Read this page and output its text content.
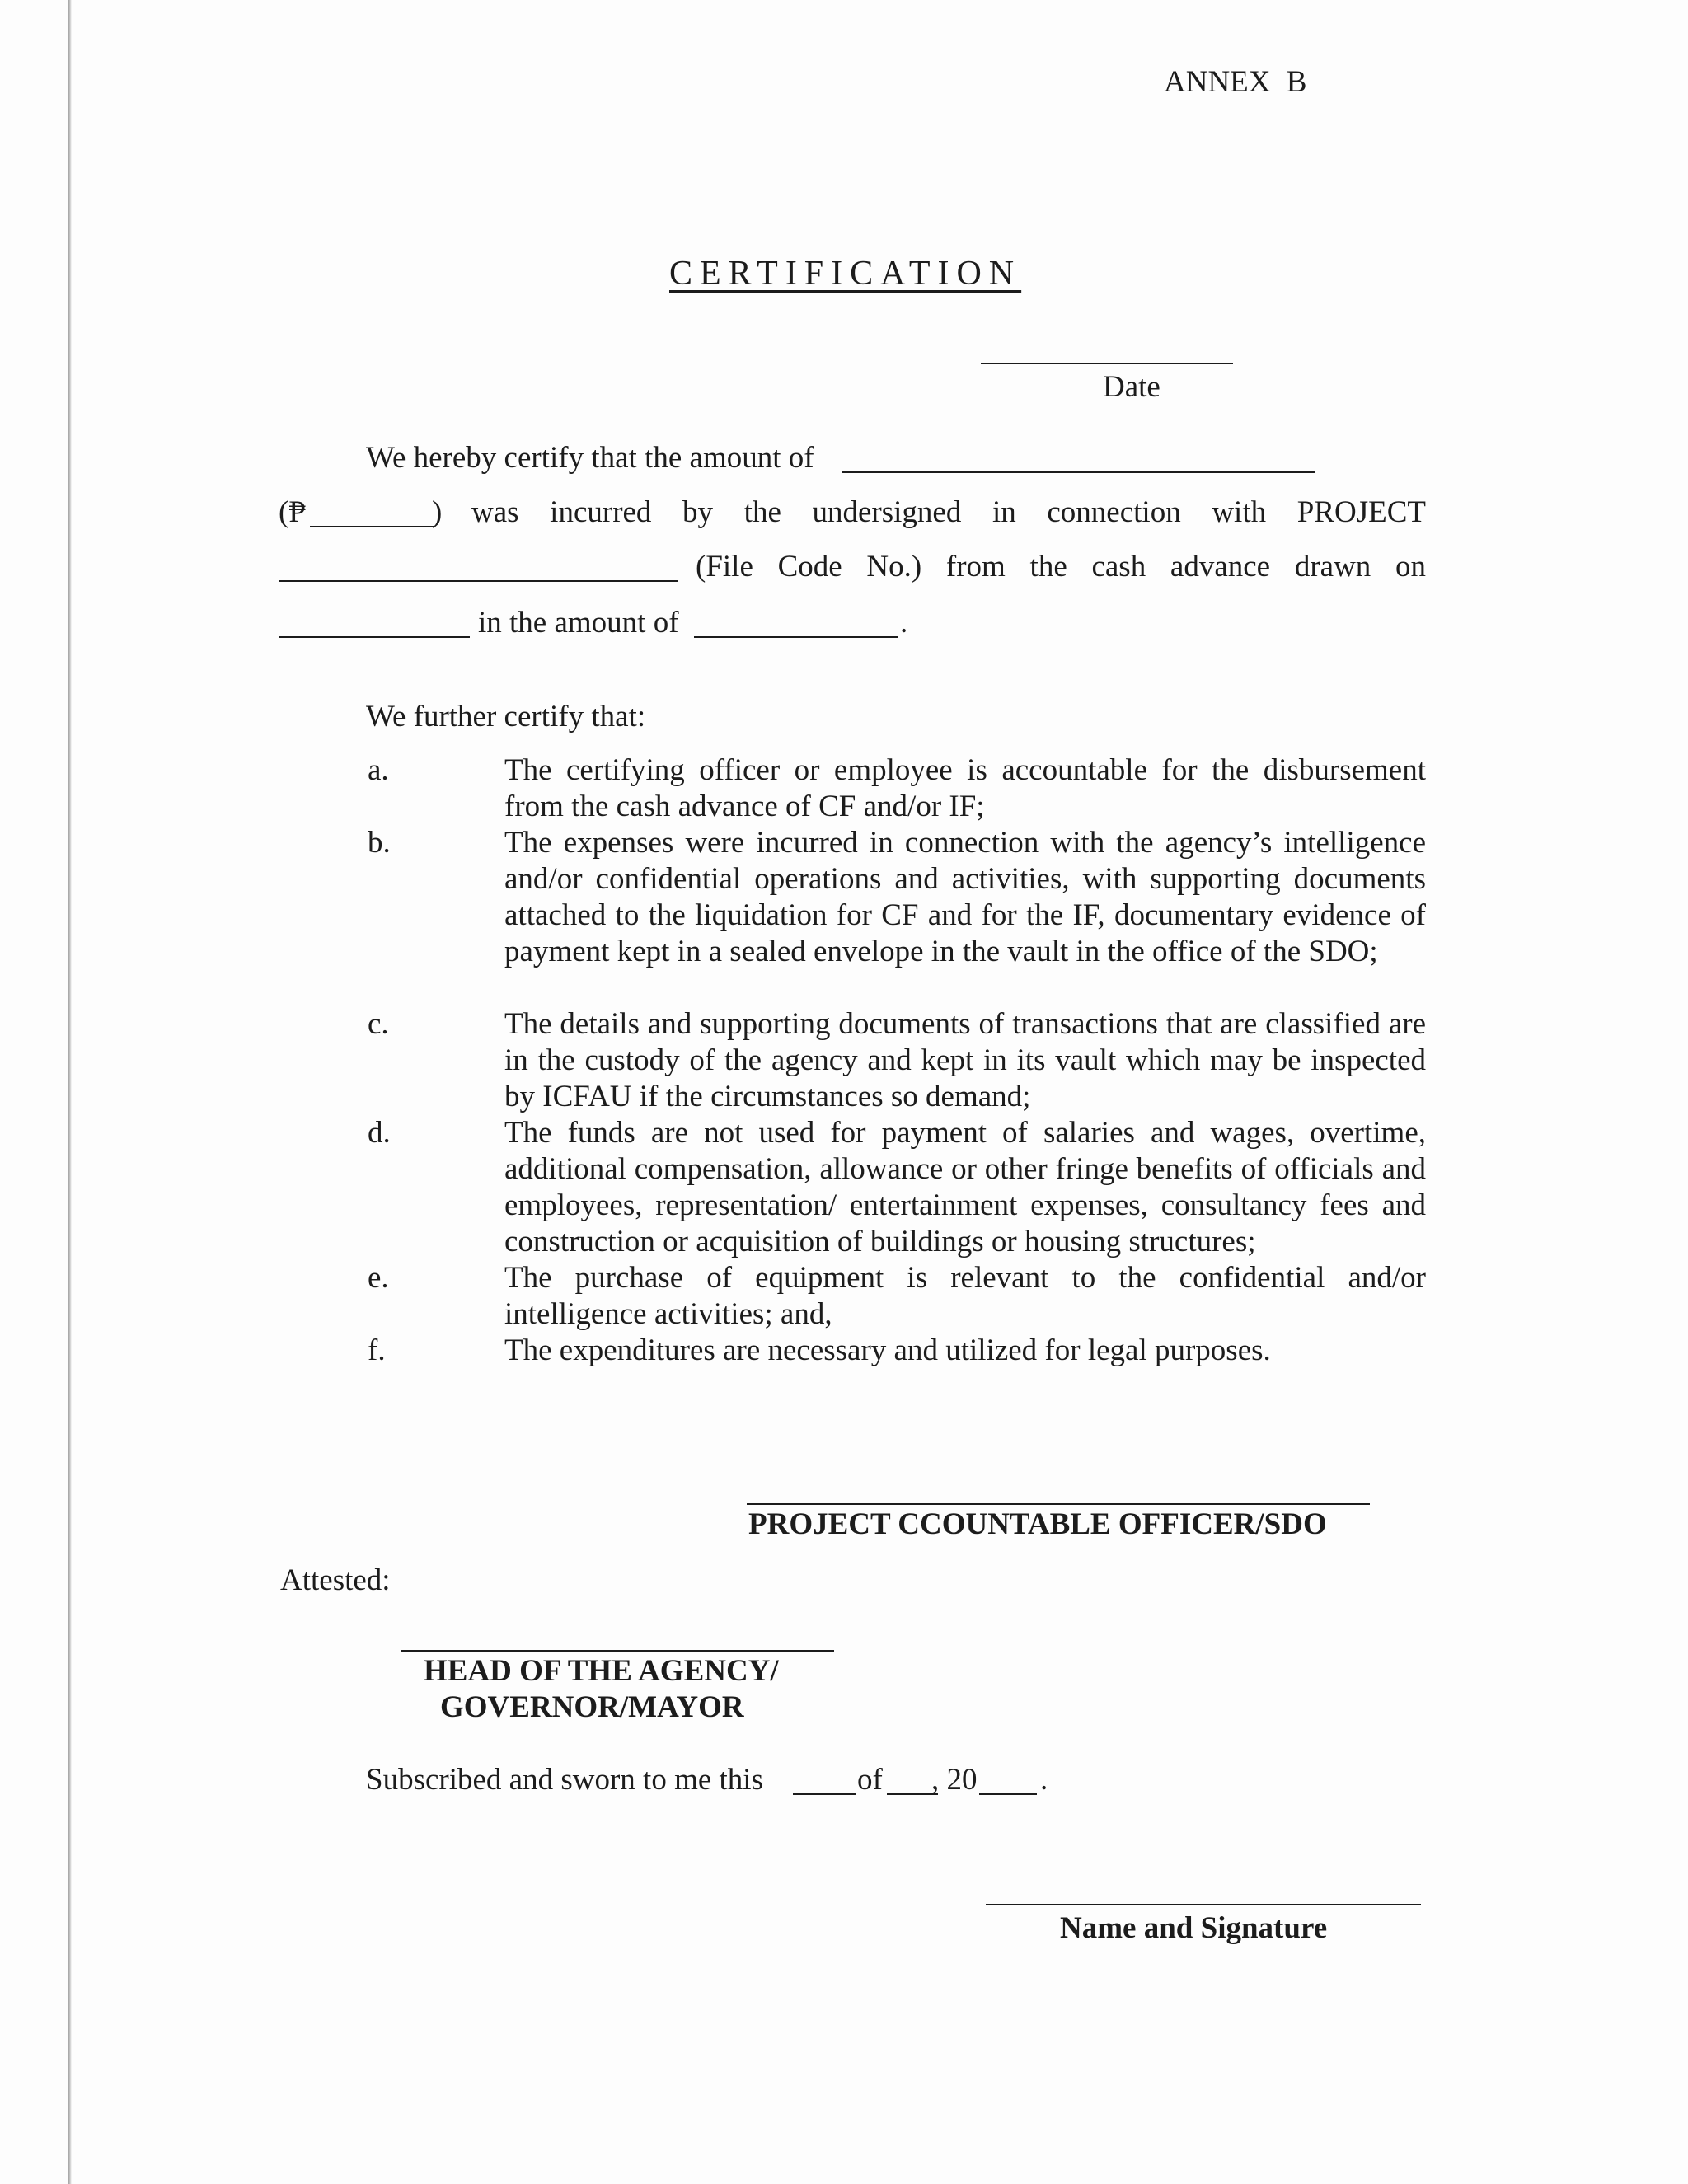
ANNEX B
CERTIFICATION
Date
We hereby certify that the amount of
(₱	) was incurred by the undersigned in connection with PROJECT
(File Code No.) from the cash advance drawn on
in the amount of	.
We further certify that:
a.	The certifying officer or employee is accountable for the disbursement from the cash advance of CF and/or IF;
b.	The expenses were incurred in connection with the agency’s intelligence and/or confidential operations and activities, with supporting documents attached to the liquidation for CF and for the IF, documentary evidence of payment kept in a sealed envelope in the vault in the office of the SDO;
c.	The details and supporting documents of transactions that are classified are in the custody of the agency and kept in its vault which may be inspected by ICFAU if the circumstances so demand;
d.	The funds are not used for payment of salaries and wages, overtime, additional compensation, allowance or other fringe benefits of officials and employees, representation/ entertainment expenses, consultancy fees and construction or acquisition of buildings or housing structures;
e.	The purchase of equipment is relevant to the confidential and/or intelligence activities; and,
f.	The expenditures are necessary and utilized for legal purposes.
PROJECT CCOUNTABLE OFFICER/SDO
Attested:
HEAD OF THE AGENCY/
GOVERNOR/MAYOR
Subscribed and sworn to me this	of , 20 .
Name and Signature
